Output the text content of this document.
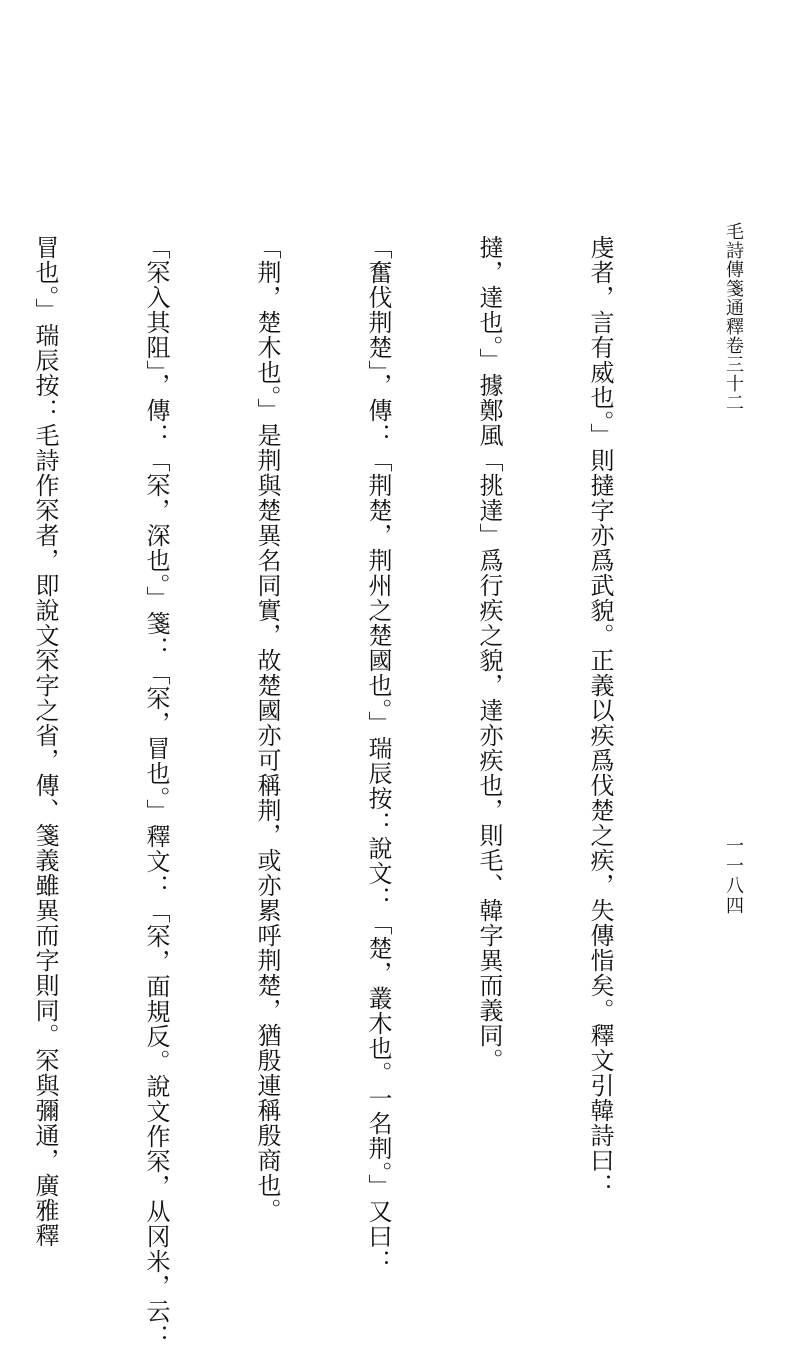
毛詩傳箋通釋卷三十二
一一八四

虔者，言有威也。」則撻字亦爲武貌。正義以疾爲伐楚之疾，失傳恉矣。釋文引韓詩曰：

撻，達也。」據鄭風「挑達」爲行疾之貌，達亦疾也，則毛、韓字異而義同。

「奮伐荆楚」，傳：「荆楚，荆州之楚國也。」瑞辰按：說文：「楚，叢木也。一名荆。」又曰：

「荆，楚木也。」是荆與楚異名同實，故楚國亦可稱荆，或亦累呼荆楚，猶殷連稱殷商也。

「罙入其阻」，傳：「罙，深也。」箋：「罙，冒也。」釋文：「罙，面規反。說文作罙，从冈米，云：

冒也。」瑞辰按：毛詩作罙者，即說文罙字之省，傳、箋義雖異而字則同。罙與彌通，廣雅釋
